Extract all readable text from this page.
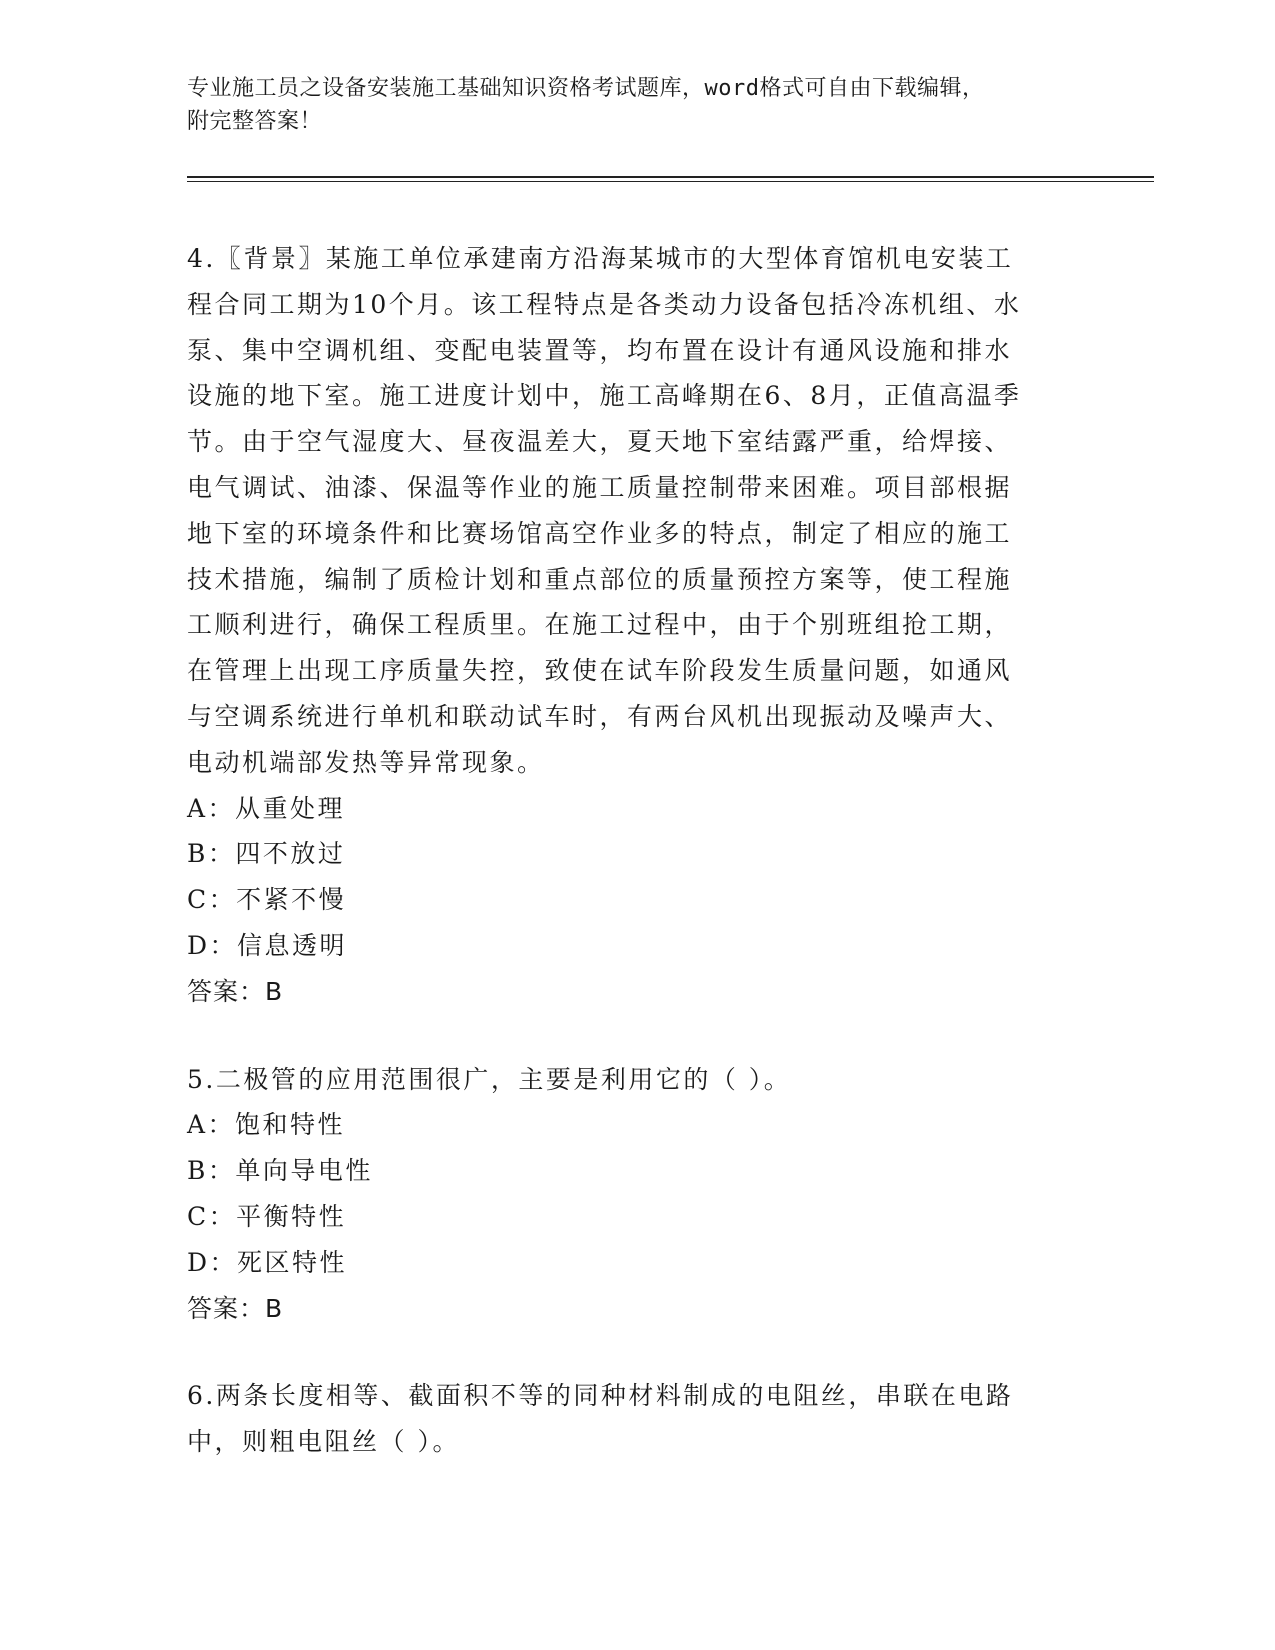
专业施工员之设备安装施工基础知识资格考试题库，word格式可自由下载编辑，
附完整答案！
4.〖背景〗某施工单位承建南方沿海某城市的大型体育馆机电安装工
程合同工期为10个月。该工程特点是各类动力设备包括冷冻机组、水
泵、集中空调机组、变配电装置等，均布置在设计有通风设施和排水
设施的地下室。施工进度计划中，施工高峰期在6、8月，正值高温季
节。由于空气湿度大、昼夜温差大，夏天地下室结露严重，给焊接、
电气调试、油漆、保温等作业的施工质量控制带来困难。项目部根据
地下室的环境条件和比赛场馆高空作业多的特点，制定了相应的施工
技术措施，编制了质检计划和重点部位的质量预控方案等，使工程施
工顺利进行，确保工程质里。在施工过程中，由于个别班组抢工期，
在管理上出现工序质量失控，致使在试车阶段发生质量问题，如通风
与空调系统进行单机和联动试车时，有两台风机出现振动及噪声大、
电动机端部发热等异常现象。
A：从重处理
B：四不放过
C：不紧不慢
D：信息透明
答案：B
5.二极管的应用范围很广，主要是利用它的（ ）。
A：饱和特性
B：单向导电性
C：平衡特性
D：死区特性
答案：B
6.两条长度相等、截面积不等的同种材料制成的电阻丝，串联在电路
中，则粗电阻丝（ ）。
